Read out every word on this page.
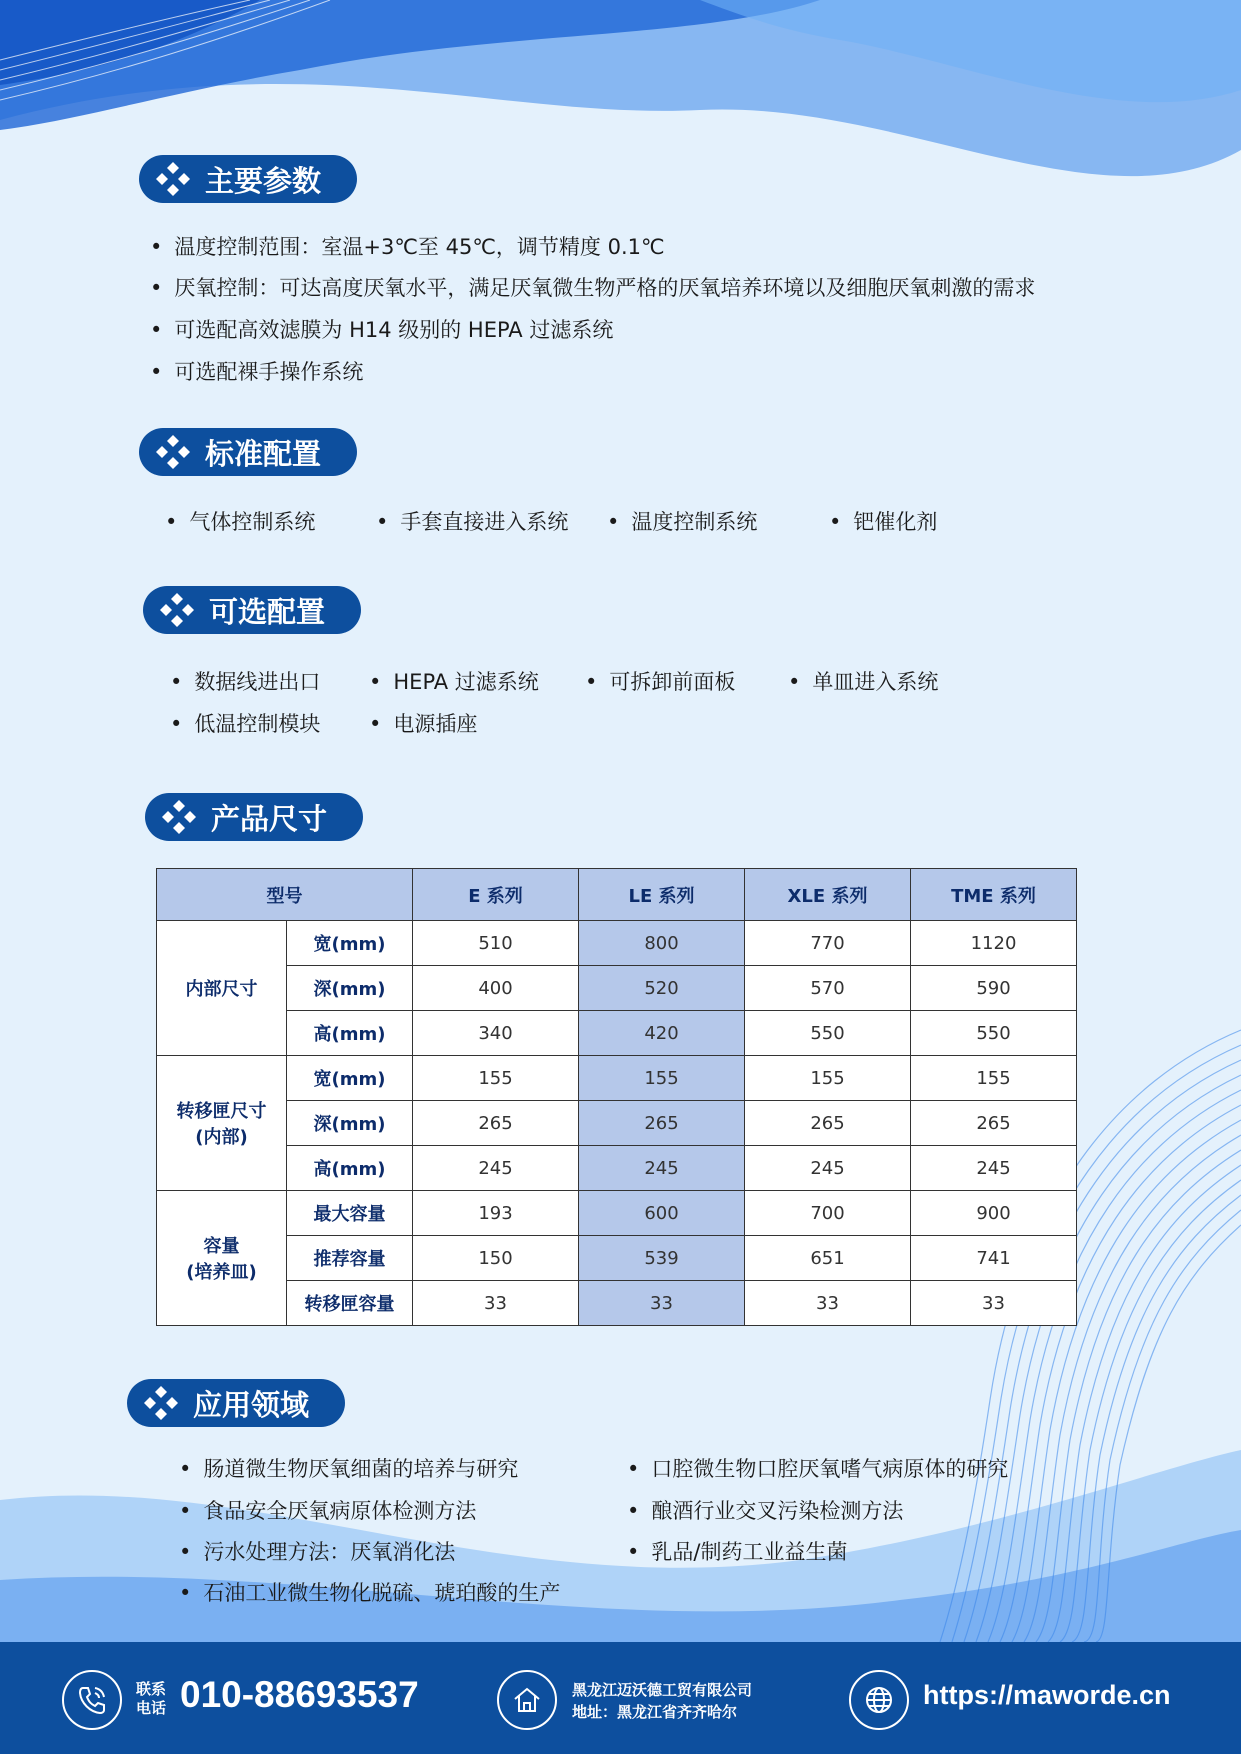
主要参数
• 温度控制范围：室温+3℃至 45℃，调节精度 0.1℃
• 厌氧控制：可达高度厌氧水平，满足厌氧微生物严格的厌氧培养环境以及细胞厌氧刺激的需求
• 可选配高效滤膜为 H14 级别的 HEPA 过滤系统
• 可选配裸手操作系统
标准配置
• 气体控制系统	• 手套直接进入系统	• 温度控制系统	• 钯催化剂
可选配置
• 数据线进出口	• HEPA 过滤系统	• 可拆卸前面板	• 单皿进入系统
• 低温控制模块	• 电源插座
产品尺寸
型号		E 系列	LE 系列	XLE 系列	TME 系列
内部尺寸	宽(mm)	510	800	770	1120
	深(mm)	400	520	570	590
	高(mm)	340	420	550	550
转移匣尺寸
(内部)	宽(mm)	155	155	155	155
	深(mm)	265	265	265	265
	高(mm)	245	245	245	245
容量
(培养皿)	最大容量	193	600	700	900
	推荐容量	150	539	651	741
	转移匣容量	33	33	33	33
应用领域
• 肠道微生物厌氧细菌的培养与研究	• 口腔微生物口腔厌氧嗜气病原体的研究
• 食品安全厌氧病原体检测方法	• 酿酒行业交叉污染检测方法
• 污水处理方法：厌氧消化法	• 乳品/制药工业益生菌
• 石油工业微生物化脱硫、琥珀酸的生产
联系
电话 010-88693537	黑龙江迈沃德工贸有限公司
地址：黑龙江省齐齐哈尔
https://maworde.cn
